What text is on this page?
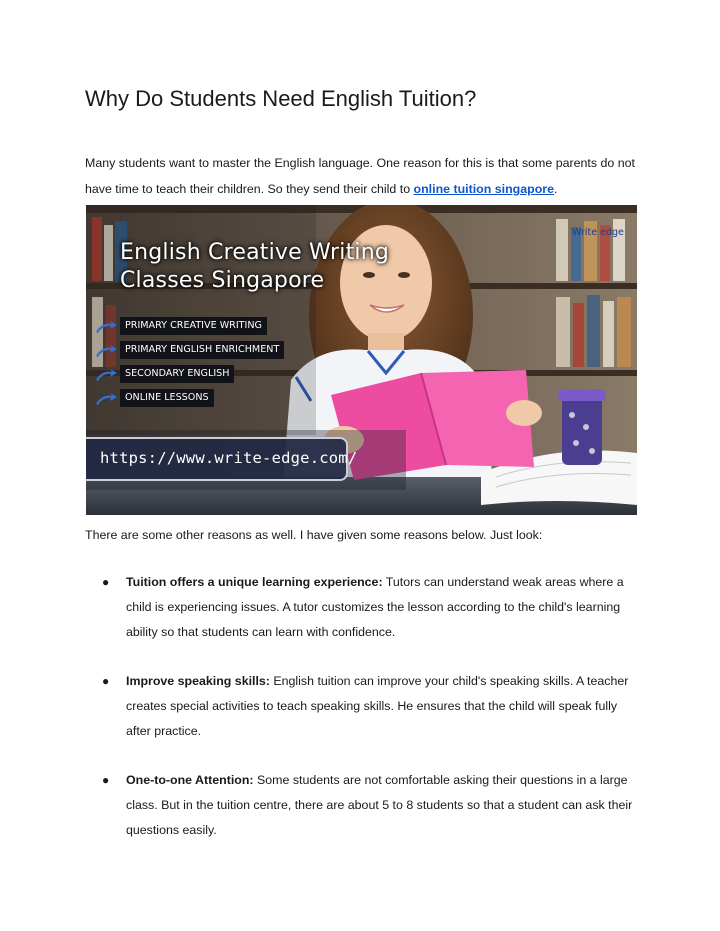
Why Do Students Need English Tuition?

Many students want to master the English language. One reason for this is that some parents do not have time to teach their children. So they send their child to online tuition singapore.

English Creative Writing
Classes Singapore
Write edge
PRIMARY CREATIVE WRITING
PRIMARY ENGLISH ENRICHMENT
SECONDARY ENGLISH
ONLINE LESSONS
https://www.write-edge.com/

There are some other reasons as well. I have given some reasons below. Just look:

● Tuition offers a unique learning experience: Tutors can understand weak areas where a child is experiencing issues. A tutor customizes the lesson according to the child's learning ability so that students can learn with confidence.
● Improve speaking skills: English tuition can improve your child's speaking skills. A teacher creates special activities to teach speaking skills. He ensures that the child will speak fully after practice.
● One-to-one Attention: Some students are not comfortable asking their questions in a large class. But in the tuition centre, there are about 5 to 8 students so that a student can ask their questions easily.
